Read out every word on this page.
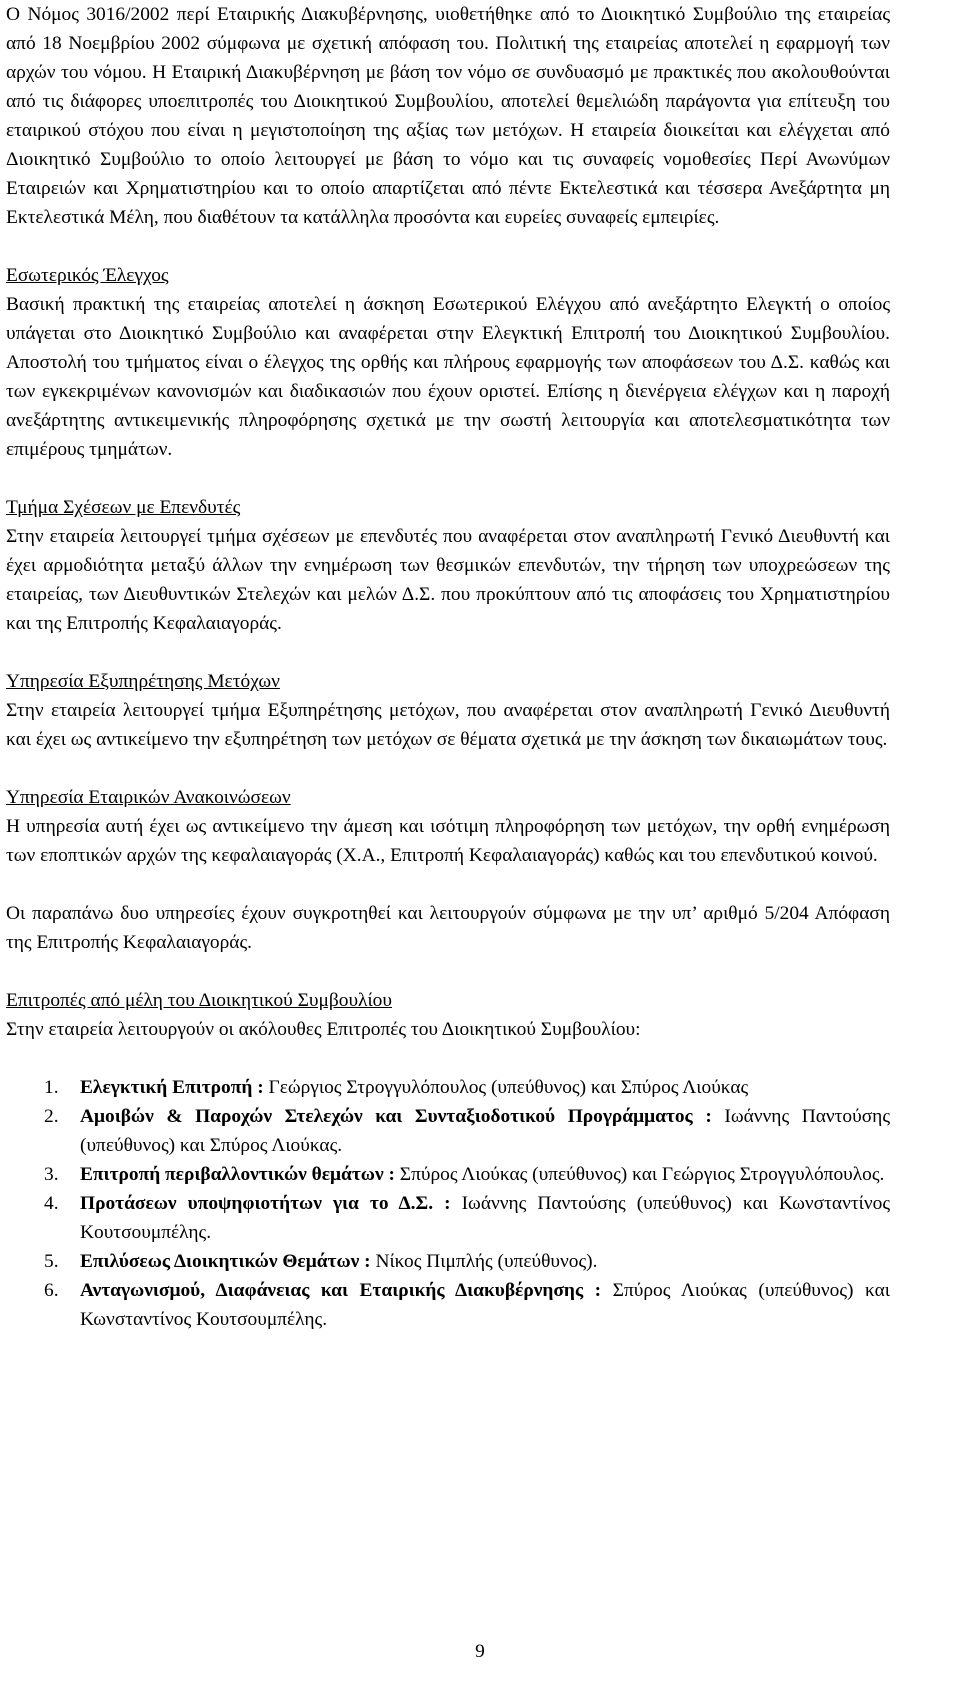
Ο Νόμος 3016/2002 περί Εταιρικής Διακυβέρνησης, υιοθετήθηκε από το Διοικητικό Συμβούλιο της εταιρείας από 18 Νοεμβρίου 2002 σύμφωνα με σχετική απόφαση του. Πολιτική της εταιρείας αποτελεί η εφαρμογή των αρχών του νόμου. Η Εταιρική Διακυβέρνηση με βάση τον νόμο σε συνδυασμό με πρακτικές που ακολουθούνται από τις διάφορες υποεπιτροπές του Διοικητικού Συμβουλίου, αποτελεί θεμελιώδη παράγοντα για επίτευξη του εταιρικού στόχου που είναι η μεγιστοποίηση της αξίας των μετόχων. Η εταιρεία διοικείται και ελέγχεται από Διοικητικό Συμβούλιο το οποίο λειτουργεί με βάση το νόμο και τις συναφείς νομοθεσίες Περί Ανωνύμων Εταιρειών και Χρηματιστηρίου και το οποίο απαρτίζεται από πέντε Εκτελεστικά και τέσσερα Ανεξάρτητα μη Εκτελεστικά Μέλη, που διαθέτουν τα κατάλληλα προσόντα και ευρείες συναφείς εμπειρίες.

Εσωτερικός Έλεγχος

Βασική πρακτική της εταιρείας αποτελεί η άσκηση Εσωτερικού Ελέγχου από ανεξάρτητο Ελεγκτή ο οποίος υπάγεται στο Διοικητικό Συμβούλιο και αναφέρεται στην Ελεγκτική Επιτροπή του Διοικητικού Συμβουλίου. Αποστολή του τμήματος είναι ο έλεγχος της ορθής και πλήρους εφαρμογής των αποφάσεων του Δ.Σ. καθώς και των εγκεκριμένων κανονισμών και διαδικασιών που έχουν οριστεί. Επίσης η διενέργεια ελέγχων και η παροχή ανεξάρτητης αντικειμενικής πληροφόρησης σχετικά με την σωστή λειτουργία και αποτελεσματικότητα των επιμέρους τμημάτων.

Τμήμα Σχέσεων με Επενδυτές

Στην εταιρεία λειτουργεί τμήμα σχέσεων με επενδυτές που αναφέρεται στον αναπληρωτή Γενικό Διευθυντή και έχει αρμοδιότητα μεταξύ άλλων την ενημέρωση των θεσμικών επενδυτών, την τήρηση των υποχρεώσεων της εταιρείας, των Διευθυντικών Στελεχών και μελών Δ.Σ. που προκύπτουν από τις αποφάσεις του Χρηματιστηρίου και της Επιτροπής Κεφαλαιαγοράς.

Υπηρεσία Εξυπηρέτησης Μετόχων

Στην εταιρεία λειτουργεί τμήμα Εξυπηρέτησης μετόχων, που αναφέρεται στον αναπληρωτή Γενικό Διευθυντή και έχει ως αντικείμενο την εξυπηρέτηση των μετόχων σε θέματα σχετικά με την άσκηση των δικαιωμάτων τους.

Υπηρεσία Εταιρικών Ανακοινώσεων

Η υπηρεσία αυτή έχει ως αντικείμενο την άμεση και ισότιμη πληροφόρηση των μετόχων, την ορθή ενημέρωση των εποπτικών αρχών της κεφαλαιαγοράς (Χ.Α., Επιτροπή Κεφαλαιαγοράς) καθώς και του επενδυτικού κοινού.

Οι παραπάνω δυο υπηρεσίες έχουν συγκροτηθεί και λειτουργούν σύμφωνα με την υπ’ αριθμό 5/204 Απόφαση της Επιτροπής Κεφαλαιαγοράς.

Επιτροπές από μέλη του Διοικητικού Συμβουλίου

Στην εταιρεία λειτουργούν οι ακόλουθες Επιτροπές του Διοικητικού Συμβουλίου:

1. Ελεγκτική Επιτροπή : Γεώργιος Στρογγυλόπουλος (υπεύθυνος) και Σπύρος Λιούκας
2. Αμοιβών & Παροχών Στελεχών και Συνταξιοδοτικού Προγράμματος : Ιωάννης Παντούσης (υπεύθυνος) και Σπύρος Λιούκας.
3. Επιτροπή περιβαλλοντικών θεμάτων : Σπύρος Λιούκας (υπεύθυνος) και Γεώργιος Στρογγυλόπουλος.
4. Προτάσεων υποψηφιοτήτων για το Δ.Σ. : Ιωάννης Παντούσης (υπεύθυνος) και Κωνσταντίνος Κουτσουμπέλης.
5. Επιλύσεως Διοικητικών Θεμάτων : Νίκος Πιμπλής (υπεύθυνος).
6. Ανταγωνισμού, Διαφάνειας και Εταιρικής Διακυβέρνησης : Σπύρος Λιούκας (υπεύθυνος) και Κωνσταντίνος Κουτσουμπέλης.
9
